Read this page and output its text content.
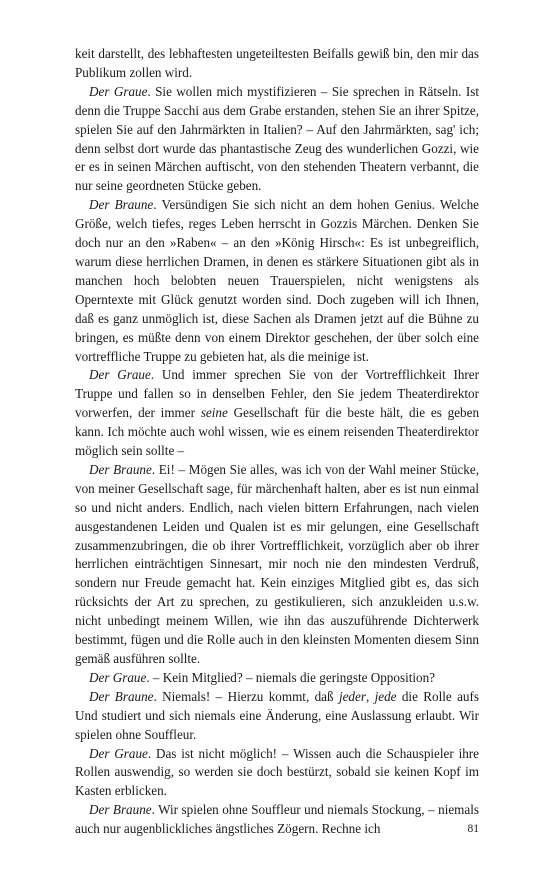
keit darstellt, des lebhaftesten ungeteiltesten Beifalls gewiß bin, den mir das Publikum zollen wird.

Der Graue. Sie wollen mich mystifizieren – Sie sprechen in Rätseln. Ist denn die Truppe Sacchi aus dem Grabe erstanden, stehen Sie an ihrer Spitze, spielen Sie auf den Jahrmärkten in Italien? – Auf den Jahrmärkten, sag' ich; denn selbst dort wurde das phantastische Zeug des wunderlichen Gozzi, wie er es in seinen Märchen auftischt, von den stehenden Theatern verbannt, die nur seine geordneten Stücke geben.

Der Braune. Versündigen Sie sich nicht an dem hohen Genius. Welche Größe, welch tiefes, reges Leben herrscht in Gozzis Märchen. Denken Sie doch nur an den »Raben« – an den »König Hirsch«: Es ist unbegreiflich, warum diese herrlichen Dramen, in denen es stärkere Situationen gibt als in manchen hoch belobten neuen Trauerspielen, nicht wenigstens als Operntexte mit Glück genutzt worden sind. Doch zugeben will ich Ihnen, daß es ganz unmöglich ist, diese Sachen als Dramen jetzt auf die Bühne zu bringen, es müßte denn von einem Direktor geschehen, der über solch eine vortreffliche Truppe zu gebieten hat, als die meinige ist.

Der Graue. Und immer sprechen Sie von der Vortrefflichkeit Ihrer Truppe und fallen so in denselben Fehler, den Sie jedem Theaterdirektor vorwerfen, der immer seine Gesellschaft für die beste hält, die es geben kann. Ich möchte auch wohl wissen, wie es einem reisenden Theaterdirektor möglich sein sollte –

Der Braune. Ei! – Mögen Sie alles, was ich von der Wahl meiner Stücke, von meiner Gesellschaft sage, für märchenhaft halten, aber es ist nun einmal so und nicht anders. Endlich, nach vielen bittern Erfahrungen, nach vielen ausgestandenen Leiden und Qualen ist es mir gelungen, eine Gesellschaft zusammenzubringen, die ob ihrer Vortrefflichkeit, vorzüglich aber ob ihrer herrlichen einträchtigen Sinnesart, mir noch nie den mindesten Verdruß, sondern nur Freude gemacht hat. Kein einziges Mitglied gibt es, das sich rücksichts der Art zu sprechen, zu gestikulieren, sich anzukleiden u.s.w. nicht unbedingt meinem Willen, wie ihn das auszuführende Dichterwerk bestimmt, fügen und die Rolle auch in den kleinsten Momenten diesem Sinn gemäß ausführen sollte.

Der Graue. – Kein Mitglied? – niemals die geringste Opposition?

Der Braune. Niemals! – Hierzu kommt, daß jeder, jede die Rolle aufs Und studiert und sich niemals eine Änderung, eine Auslassung erlaubt. Wir spielen ohne Souffleur.

Der Graue. Das ist nicht möglich! – Wissen auch die Schauspieler ihre Rollen auswendig, so werden sie doch bestürzt, sobald sie keinen Kopf im Kasten erblicken.

Der Braune. Wir spielen ohne Souffleur und niemals Stockung, – niemals auch nur augenblickliches ängstliches Zögern. Rechne ich	81
